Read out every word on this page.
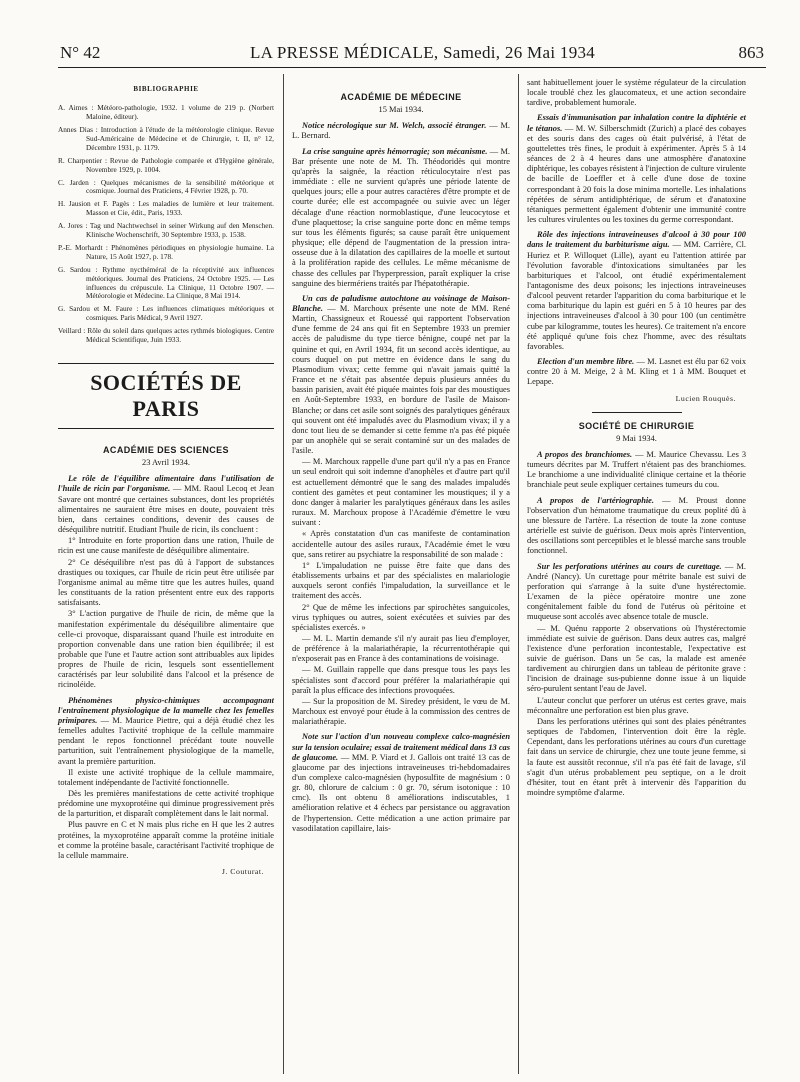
N° 42	LA PRESSE MÉDICALE, Samedi, 26 Mai 1934	863
BIBLIOGRAPHIE
A. Aimes : Météoro-pathologie, 1932. 1 volume de 219 p. (Norbert Maloine, éditeur).
Annes Dias : Introduction à l'étude de la météorologie clinique. Revue Sud-Américaine de Médecine et de Chirurgie, t. II, n° 12, Décembre 1931, p. 1179.
R. Charpentier : Revue de Pathologie comparée et d'Hygiène générale, Novembre 1929, p. 1004.
C. Jarden : Quelques mécanismes de la sensibilité météorique et cosmique. Journal des Praticiens, 4 Février 1928, p. 70.
H. Jausion et F. Pagès : Les maladies de lumière et leur traitement. Masson et Cie, édit., Paris, 1933.
A. Jores : Tag und Nachtwechsel in seiner Wirkung auf den Menschen. Klinische Wochenschrift, 30 Septembre 1933, p. 1538.
P.-E. Morhardt : Phénomènes périodiques en physiologie humaine. La Nature, 15 Août 1927, p. 178.
G. Sardou : Rythme nycthéméral de la réceptivité aux influences météoriques. Journal des Praticiens, 24 Octobre 1925. — Les influences du crépuscule. La Clinique, 11 Octobre 1907. — Météorologie et Médecine. La Clinique, 8 Mai 1914.
G. Sardou et M. Faure : Les influences climatiques météoriques et cosmiques. Paris Médical, 9 Avril 1927.
Veillard : Rôle du soleil dans quelques actes rythmés biologiques. Centre Médical Scientifique, Juin 1933.
SOCIÉTÉS DE PARIS
ACADÉMIE DES SCIENCES
23 Avril 1934.

Le rôle de l'équilibre alimentaire dans l'utilisation de l'huile de ricin par l'organisme. — MM. Raoul Lecoq et Jean Savare ont montré que certaines substances, dont les propriétés alimentaires ne sauraient être mises en doute, pouvaient très bien, dans certaines conditions, devenir des causes de déséquilibre nutritif. Etudiant l'huile de ricin, ils concluent :

1° Introduite en forte proportion dans une ration, l'huile de ricin est une cause manifeste de déséquilibre alimentaire.

2° Ce déséquilibre n'est pas dû à l'apport de substances drastiques ou toxiques, car l'huile de ricin peut être utilisée par l'organisme animal au même titre que les autres huiles, quand les constituants de la ration présentent entre eux des rapports satisfaisants.

3° L'action purgative de l'huile de ricin, de même que la manifestation expérimentale du déséquilibre alimentaire que celle-ci provoque, disparaissant quand l'huile est introduite en proportion convenable dans une ration bien équilibrée; il est probable que l'une et l'autre action sont attribuables aux lipides propres de l'huile de ricin, lesquels sont essentiellement caractérisés par leur solubilité dans l'alcool et la présence de ricinoléide.

Phénomènes physico-chimiques accompagnant l'entraînement physiologique de la mamelle chez les femelles primipares. — M. Maurice Piettre, qui a déjà étudié chez les femelles adultes l'activité trophique de la cellule mammaire pendant le repos fonctionnel précédant toute nouvelle parturition, suit l'entraînement physiologique de la mamelle, avant la première parturition.

Il existe une activité trophique de la cellule mammaire, totalement indépendante de l'activité fonctionnelle.

Dès les premières manifestations de cette activité trophique prédomine une myxoprotéine qui diminue progressivement près de la parturition, et disparaît complètement dans le lait normal.

Plus pauvre en C et N mais plus riche en H que les 2 autres protéines, la myxoprotéine apparaît comme la protéine initiale et comme la protéine basale, caractérisant l'activité trophique de la cellule mammaire.

J. Couturat.
ACADÉMIE DE MÉDECINE
15 Mai 1934.

Notice nécrologique sur M. Welch, associé étranger. — M. L. Bernard.

La crise sanguine après hémorragie; son mécanisme. — M. Bar présente une note de M. Th. Théodoridès qui montre qu'après la saignée, la réaction réticulocytaire n'est pas immédiate : elle ne survient qu'après une période latente de quelques jours; elle a pour autres caractères d'être prompte et de courte durée; elle est accompagnée ou suivie avec un léger décalage d'une réaction normoblastique, d'une leucocytose et d'une plaquettose; la crise sanguine porte donc en même temps sur tous les éléments figurés; sa cause paraît être uniquement physique; elle dépend de l'augmentation de la pression intra-osseuse due à la dilatation des capillaires de la moelle et surtout à la prolifération rapide des cellules. Le même mécanisme de chasse des cellules par l'hyperpression, paraît expliquer la crise sanguine des biermériens traités par l'hépatothérapie.

Un cas de paludisme autochtone au voisinage de Maison-Blanche. — M. Marchoux présente une note de MM. René Martin, Chassigneux et Rouessé qui rapportent l'observation d'une femme de 24 ans qui fit en Septembre 1933 un premier accès de paludisme du type tierce bénigne, coupé net par la quinine et qui, en Avril 1934, fit un second accès identique, au cours duquel on put mettre en évidence dans le sang du Plasmodium vivax; cette femme qui n'avait jamais quitté la France et ne s'était pas absentée depuis plusieurs années du bassin parisien, avait été piquée maintes fois par des moustiques en Août-Septembre 1933, en bordure de l'asile de Maison-Blanche; or dans cet asile sont soignés des paralytiques généraux qui souvent ont été impaludés avec du Plasmodium vivax; il y a donc tout lieu de se demander si cette femme n'a pas été piquée par un anophèle qui se serait contaminé sur un des malades de l'asile.

— M. Marchoux rappelle d'une part qu'il n'y a pas en France un seul endroit qui soit indemne d'anophèles et d'autre part qu'il est actuellement démontré que le sang des malades impaludés contient des gamètes et peut contaminer les moustiques; il y a donc danger à malarier les paralytiques généraux dans les asiles ruraux. M. Marchoux propose à l'Académie d'émettre le vœu suivant :

« Après constatation d'un cas manifeste de contamination accidentelle autour des asiles ruraux, l'Académie émet le vœu que, sans retirer au psychiatre la responsabilité de son malade :

1° L'impaludation ne puisse être faite que dans des établissements urbains et par des spécialistes en malariologie auxquels seront confiés l'impaludation, la surveillance et le traitement des accès.

2° Que de même les infections par spirochètes sanguicoles, virus typhiques ou autres, soient exécutées et suivies par des spécialistes exercés. »

— M. L. Martin demande s'il n'y aurait pas lieu d'employer, de préférence à la malariathérapie, la récurrentothérapie qui n'exposerait pas en France à des contaminations de voisinage.

— M. Guillain rappelle que dans presque tous les pays les spécialistes sont d'accord pour préférer la malariathérapie qui paraît la plus efficace des infections provoquées.

— Sur la proposition de M. Siredey président, le vœu de M. Marchoux est envoyé pour étude à la commission des centres de malariathérapie.

Note sur l'action d'un nouveau complexe calco-magnésien sur la tension oculaire; essai de traitement médical dans 13 cas de glaucome. — MM. P. Viard et J. Gallois ont traité 13 cas de glaucome par des injections intraveineuses tri-hebdomadaires d'un complexe calco-magnésien (hyposulfite de magnésium : 0 gr. 80, chlorure de calcium : 0 gr. 70, sérum isotonique : 10 cmc). Ils ont obtenu 8 améliorations indiscutables, 1 amélioration relative et 4 échecs par persistance ou aggravation de l'hypertension. Cette médication a une action primaire par vasodilatation capillaire, lais-

sant habituellement jouer le système régulateur de la circulation locale troublé chez les glaucomateux, et une action secondaire tardive, probablement humorale.

Essais d'immunisation par inhalation contre la diphtérie et le tétanos. — M. W. Silberschmidt (Zurich) a placé des cobayes et des souris dans des cages où était pulvérisé, à l'état de gouttelettes très fines, le produit à expérimenter. Après 5 à 14 séances de 2 à 4 heures dans une atmosphère d'anatoxine diphtérique, les cobayes résistent à l'injection de culture virulente de bacille de Loeffler et à celle d'une dose de toxine correspondant à 20 fois la dose minima mortelle. Les inhalations répétées de sérum antidiphtérique, de sérum et d'anatoxine tétaniques permettent également d'obtenir une immunité contre les cultures virulentes ou les toxines du germe correspondant.

Rôle des injections intraveineuses d'alcool à 30 pour 100 dans le traitement du barbiturisme aigu. — MM. Carrière, Cl. Huriez et P. Willoquet (Lille), ayant eu l'attention attirée par l'évolution favorable d'intoxications simultanées par les barbituriques et l'alcool, ont étudié expérimentalement l'antagonisme des deux poisons; les injections intraveineuses d'alcool peuvent retarder l'apparition du coma barbiturique et le coma barbiturique du lapin est guéri en 5 à 10 heures par des injections intraveineuses d'alcool à 30 pour 100 (un centimètre cube par kilogramme, toutes les heures). Ce traitement n'a encore été appliqué qu'une fois chez l'homme, avec des résultats favorables.

Election d'un membre libre. — M. Lasnet est élu par 62 voix contre 20 à M. Meige, 2 à M. Kling et 1 à MM. Bouquet et Lepape.

Lucien Rouquès.
SOCIÉTÉ DE CHIRURGIE
9 Mai 1934.

A propos des branchiomes. — M. Maurice Chevassu. Les 3 tumeurs décrites par M. Truffert n'étaient pas des branchiomes. Le branchiome a une individualité clinique certaine et la théorie branchiale peut seule expliquer certaines tumeurs du cou.

A propos de l'artériographie. — M. Proust donne l'observation d'un hématome traumatique du creux poplité dû à une blessure de l'artère. La résection de toute la zone contuse artérielle est suivie de guérison. Deux mois après l'intervention, des oscillations sont perceptibles et le blessé marche sans trouble fonctionnel.

Sur les perforations utérines au cours de curettage. — M. André (Nancy). Un curettage pour métrite banale est suivi de perforation qui s'arrange à la suite d'une hystérectomie. L'examen de la pièce opératoire montre une zone congénitalement faible du fond de l'utérus où péritoine et muqueuse sont accolés avec absence totale de muscle.

— M. Quénu rapporte 2 observations où l'hystérectomie immédiate est suivie de guérison. Dans deux autres cas, malgré l'existence d'une perforation incontestable, l'expectative est suivie de guérison. Dans un 5e cas, la malade est amenée tardivement au chirurgien dans un tableau de péritonite grave : l'incision de drainage sus-pubienne donne issue à un liquide séro-purulent sentant l'eau de Javel.

L'auteur conclut que perforer un utérus est certes grave, mais méconnaître une perforation est bien plus grave.

Dans les perforations utérines qui sont des plaies pénétrantes septiques de l'abdomen, l'intervention doit être la règle. Cependant, dans les perforations utérines au cours d'un curettage fait dans un service de chirurgie, chez une toute jeune femme, si la faute est aussitôt reconnue, s'il n'a pas été fait de lavage, s'il s'agit d'un utérus probablement peu septique, on a le droit d'hésiter, tout en étant prêt à intervenir dès l'apparition du moindre symptôme d'alarme.
